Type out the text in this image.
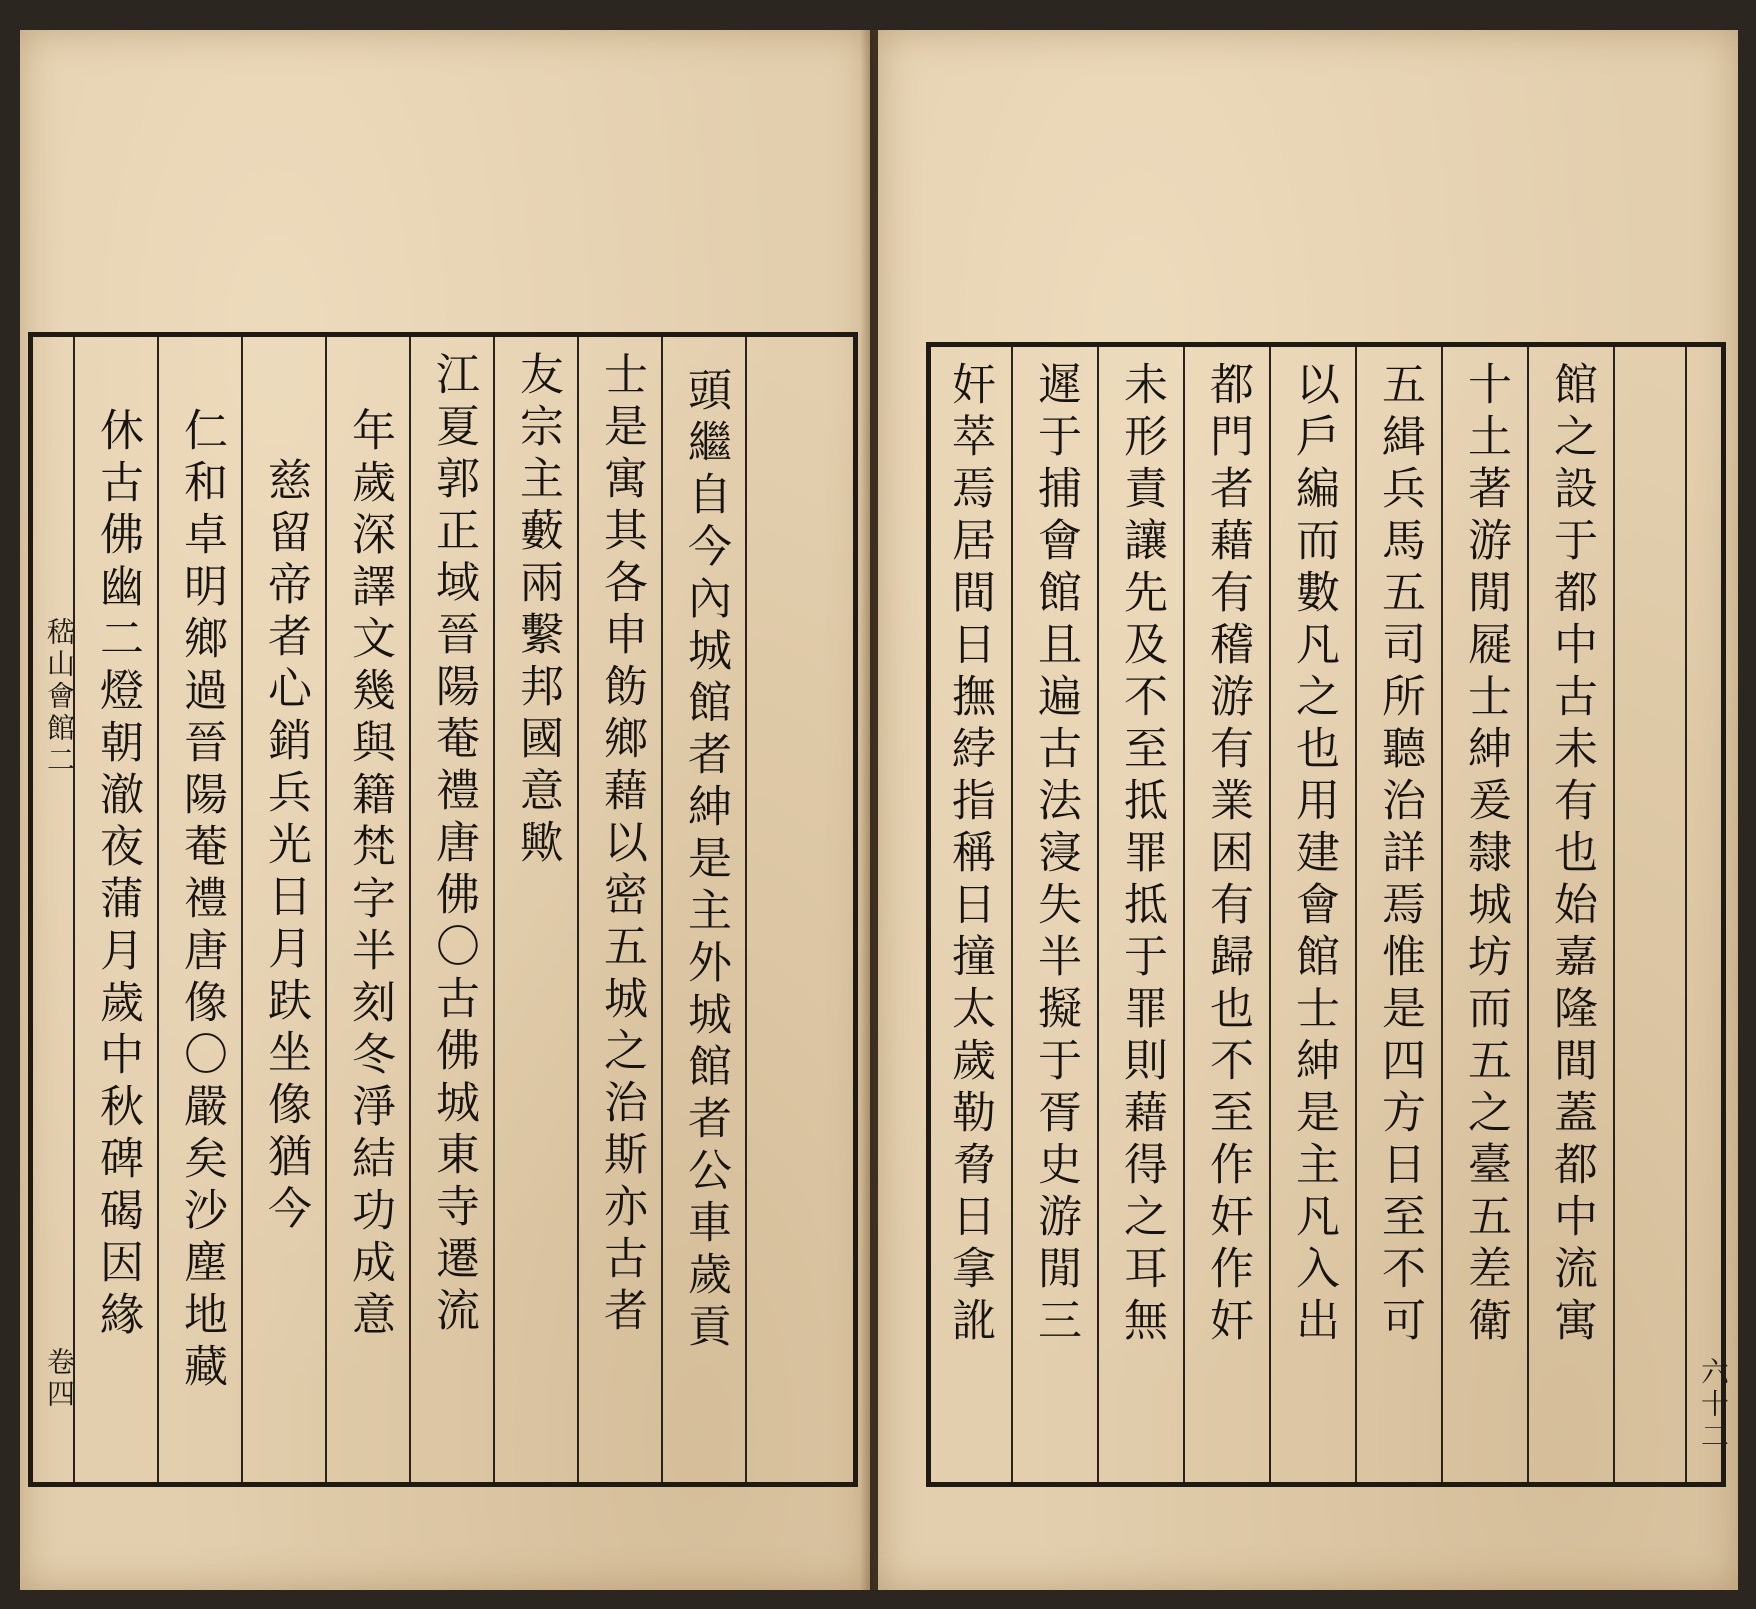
嵇山會館二
卷四
休古佛幽二燈朝澈夜蒲月歲中秋碑碣因緣 仁和卓明鄉過晉陽菴禮唐像〇嚴矣沙塵地藏 慈留帝者心銷兵光日月趺坐像猶今 年歲深譯文幾與籍梵字半刻冬淨結功成意 江夏郭正域晉陽菴禮唐佛〇古佛城東寺遷流 友宗主藪兩繫邦國意歟 士是寓其各申飭鄉藉以密五城之治斯亦古者 頭繼自今內城館者紳是主外城館者公車歲貢	奸萃焉居間日撫綍指稱日撞太歲勒脅日拿訛 遲于捕會館且遍古法寖失半擬于胥史游閒三 未形責讓先及不至抵罪抵于罪則藉得之耳無 都門者藉有稽游有業困有歸也不至作奸作奸 以戶編而數凡之也用建會館士紳是主凡入出 五緝兵馬五司所聽治詳焉惟是四方日至不可 十土著游閒屣士紳爰隸城坊而五之臺五差衛 館之設于都中古未有也始嘉隆間蓋都中流寓
六十二
